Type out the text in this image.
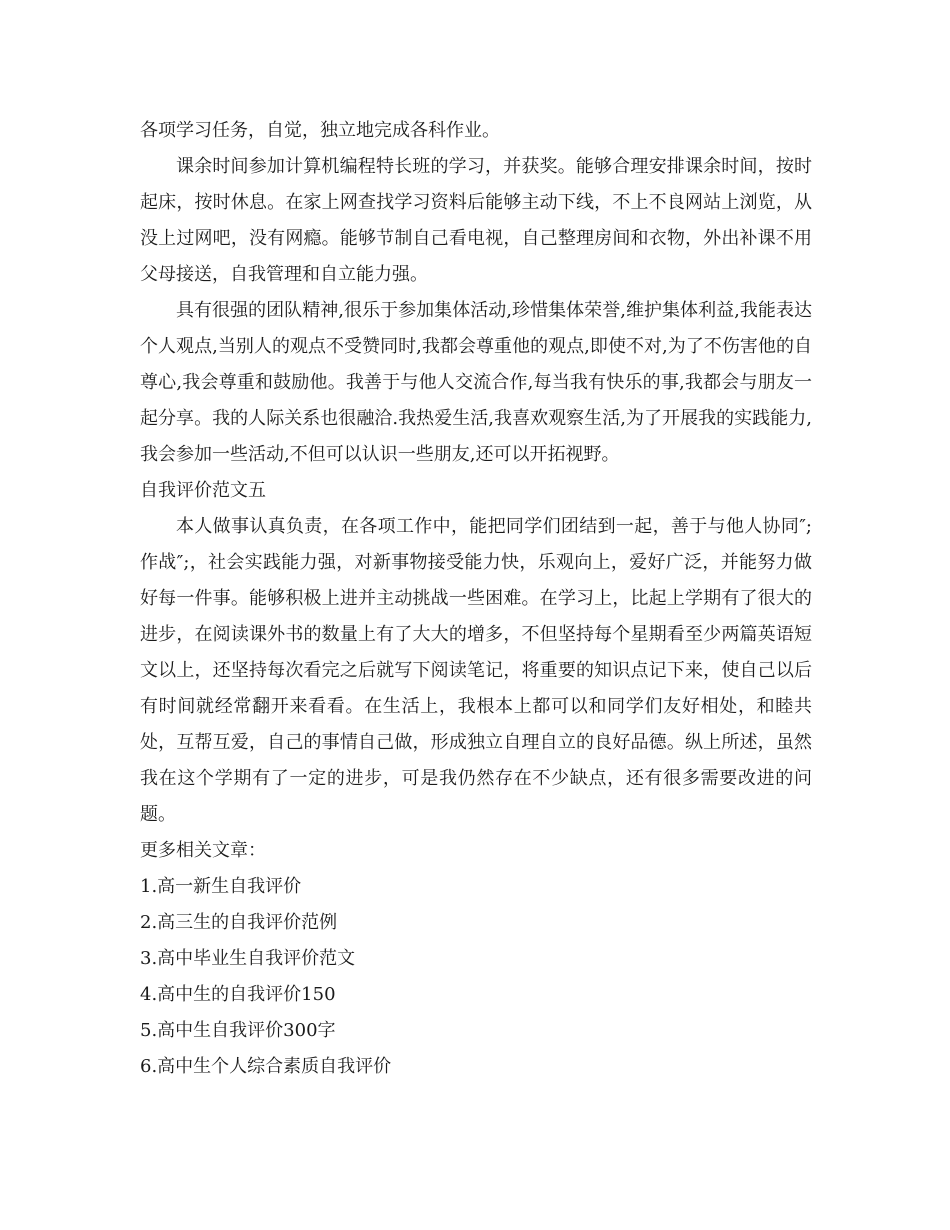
各项学习任务，自觉，独立地完成各科作业。

课余时间参加计算机编程特长班的学习，并获奖。能够合理安排课余时间，按时起床，按时休息。在家上网查找学习资料后能够主动下线，不上不良网站上浏览，从没上过网吧，没有网瘾。能够节制自己看电视，自己整理房间和衣物，外出补课不用父母接送，自我管理和自立能力强。

具有很强的团队精神,很乐于参加集体活动,珍惜集体荣誉,维护集体利益,我能表达个人观点,当别人的观点不受赞同时,我都会尊重他的观点,即使不对,为了不伤害他的自尊心,我会尊重和鼓励他。我善于与他人交流合作,每当我有快乐的事,我都会与朋友一起分享。我的人际关系也很融洽.我热爱生活,我喜欢观察生活,为了开展我的实践能力,我会参加一些活动,不但可以认识一些朋友,还可以开拓视野。

自我评价范文五

本人做事认真负责，在各项工作中，能把同学们团结到一起，善于与他人协同″;作战″;，社会实践能力强，对新事物接受能力快，乐观向上，爱好广泛，并能努力做好每一件事。能够积极上进并主动挑战一些困难。在学习上，比起上学期有了很大的进步，在阅读课外书的数量上有了大大的增多，不但坚持每个星期看至少两篇英语短文以上，还坚持每次看完之后就写下阅读笔记，将重要的知识点记下来，使自己以后有时间就经常翻开来看看。在生活上，我根本上都可以和同学们友好相处，和睦共处，互帮互爱，自己的事情自己做，形成独立自理自立的良好品德。纵上所述，虽然我在这个学期有了一定的进步，可是我仍然存在不少缺点，还有很多需要改进的问题。

更多相关文章：

1.高一新生自我评价
2.高三生的自我评价范例
3.高中毕业生自我评价范文
4.高中生的自我评价150
5.高中生自我评价300字
6.高中生个人综合素质自我评价
